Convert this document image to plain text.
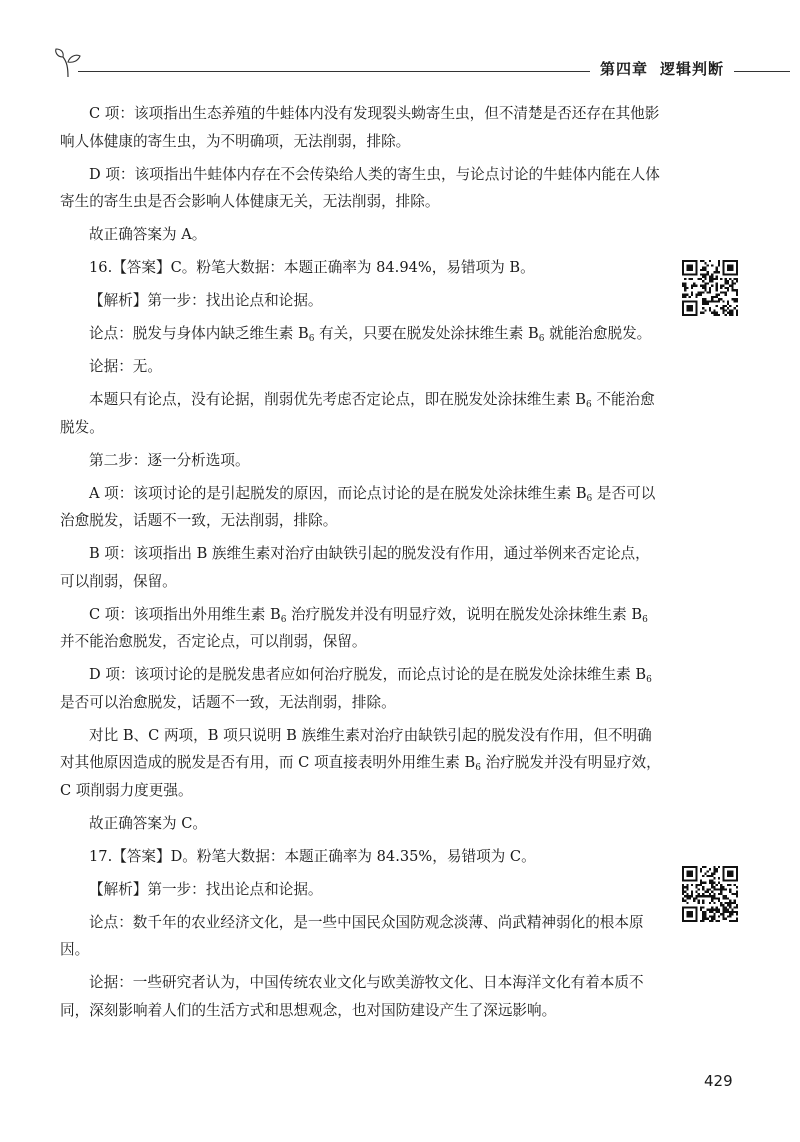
第四章 逻辑判断

C 项：该项指出生态养殖的牛蛙体内没有发现裂头蚴寄生虫，但不清楚是否还存在其他影响人体健康的寄生虫，为不明确项，无法削弱，排除。

D 项：该项指出牛蛙体内存在不会传染给人类的寄生虫，与论点讨论的牛蛙体内能在人体寄生的寄生虫是否会影响人体健康无关，无法削弱，排除。

故正确答案为 A。

16.【答案】C。粉笔大数据：本题正确率为 84.94%，易错项为 B。

【解析】第一步：找出论点和论据。

论点：脱发与身体内缺乏维生素 $B_6$ 有关，只要在脱发处涂抹维生素 $B_6$ 就能治愈脱发。

论据：无。

本题只有论点，没有论据，削弱优先考虑否定论点，即在脱发处涂抹维生素 $B_6$ 不能治愈脱发。

第二步：逐一分析选项。

A 项：该项讨论的是引起脱发的原因，而论点讨论的是在脱发处涂抹维生素 $B_6$ 是否可以治愈脱发，话题不一致，无法削弱，排除。

B 项：该项指出 B 族维生素对治疗由缺铁引起的脱发没有作用，通过举例来否定论点，可以削弱，保留。

C 项：该项指出外用维生素 $B_6$ 治疗脱发并没有明显疗效，说明在脱发处涂抹维生素 $B_6$ 并不能治愈脱发，否定论点，可以削弱，保留。

D 项：该项讨论的是脱发患者应如何治疗脱发，而论点讨论的是在脱发处涂抹维生素 $B_6$ 是否可以治愈脱发，话题不一致，无法削弱，排除。

对比 B、C 两项，B 项只说明 B 族维生素对治疗由缺铁引起的脱发没有作用，但不明确对其他原因造成的脱发是否有用，而 C 项直接表明外用维生素 $B_6$ 治疗脱发并没有明显疗效，C 项削弱力度更强。

故正确答案为 C。

17.【答案】D。粉笔大数据：本题正确率为 84.35%，易错项为 C。

【解析】第一步：找出论点和论据。

论点：数千年的农业经济文化，是一些中国民众国防观念淡薄、尚武精神弱化的根本原因。

论据：一些研究者认为，中国传统农业文化与欧美游牧文化、日本海洋文化有着本质不同，深刻影响着人们的生活方式和思想观念，也对国防建设产生了深远影响。

429
